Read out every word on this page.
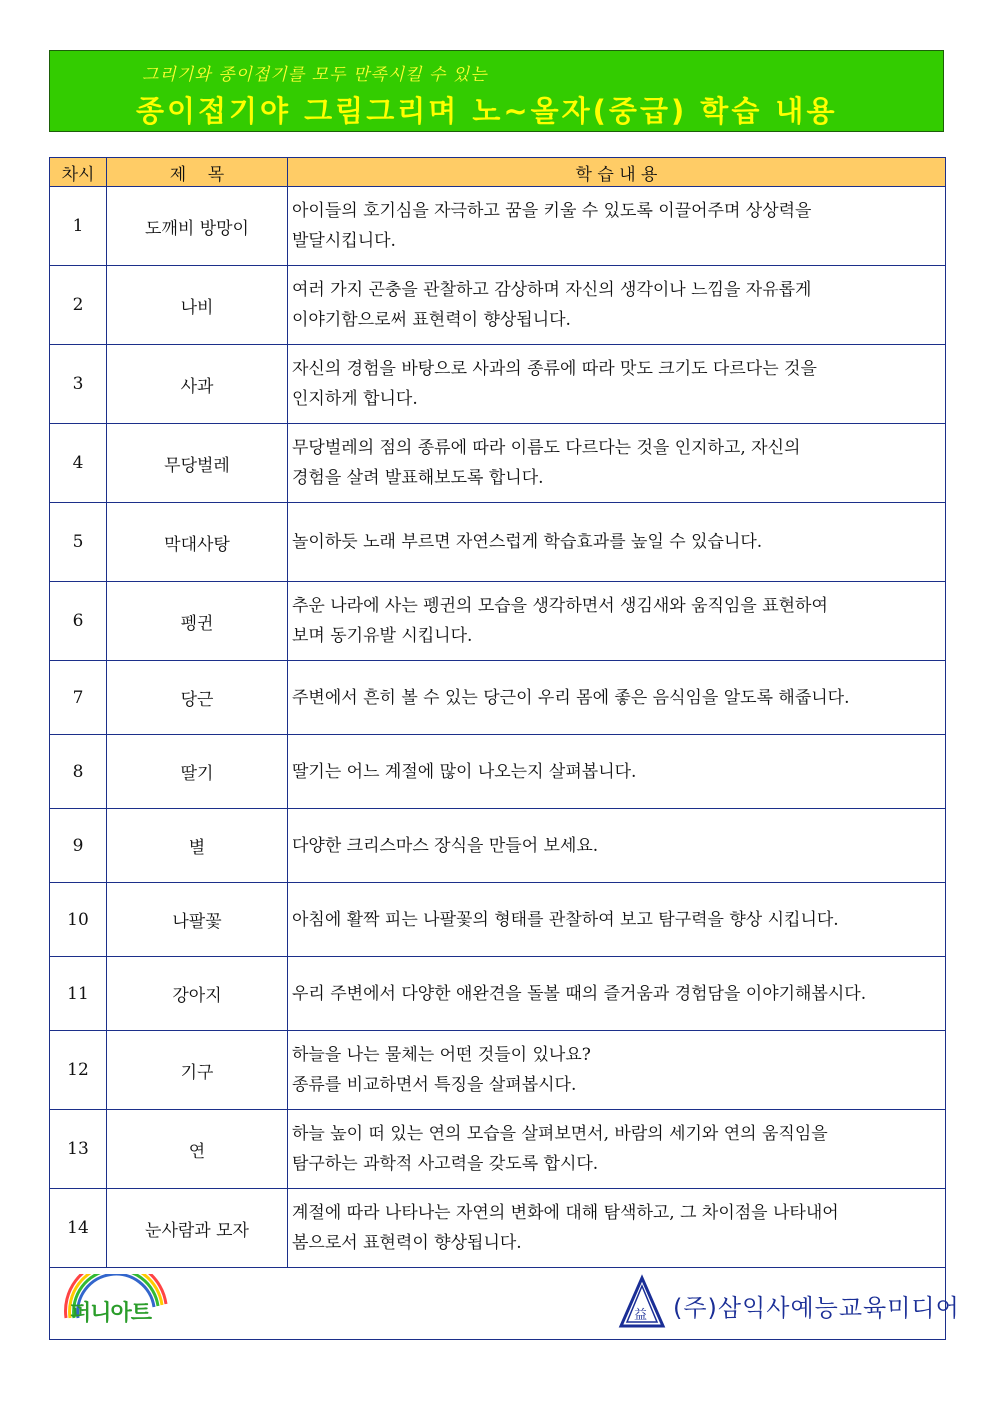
그리기와 종이접기를 모두 만족시킬 수 있는
종이접기야 그림그리며 노~올자(중급) 학습 내용
차시	제    목	학 습 내 용
1	도깨비 방망이	아이들의 호기심을 자극하고 꿈을 키울 수 있도록 이끌어주며 상상력을
발달시킵니다.

2	나비	여러 가지 곤충을 관찰하고 감상하며 자신의 생각이나 느낌을 자유롭게
이야기함으로써 표현력이 향상됩니다.

3	사과	자신의 경험을 바탕으로 사과의 종류에 따라 맛도 크기도 다르다는 것을
인지하게 합니다.

4	무당벌레	무당벌레의 점의 종류에 따라 이름도 다르다는 것을 인지하고, 자신의
경험을 살려 발표해보도록 합니다.

5	막대사탕	놀이하듯 노래 부르면 자연스럽게 학습효과를 높일 수 있습니다.

6	펭귄	추운 나라에 사는 펭귄의 모습을 생각하면서 생김새와 움직임을 표현하여
보며 동기유발 시킵니다.

7	당근	주변에서 흔히 볼 수 있는 당근이 우리 몸에 좋은 음식임을 알도록 해줍니다.

8	딸기	딸기는 어느 계절에 많이 나오는지 살펴봅니다.

9	별	다양한 크리스마스 장식을 만들어 보세요.

10	나팔꽃	아침에 활짝 피는 나팔꽃의 형태를 관찰하여 보고 탐구력을 향상 시킵니다.

11	강아지	우리 주변에서 다양한 애완견을 돌볼 때의 즐거움과 경험담을 이야기해봅시다.

12	기구	하늘을 나는 물체는 어떤 것들이 있나요?
종류를 비교하면서 특징을 살펴봅시다.

13	연	하늘 높이 떠 있는 연의 모습을 살펴보면서, 바람의 세기와 연의 움직임을
탐구하는 과학적 사고력을 갖도록 합시다.

14	눈사람과 모자	계절에 따라 나타나는 자연의 변화에 대해 탐색하고, 그 차이점을 나타내어
봄으로서 표현력이 향상됩니다.

퍼니아트 益 (주)삼익사예능교육미디어		
